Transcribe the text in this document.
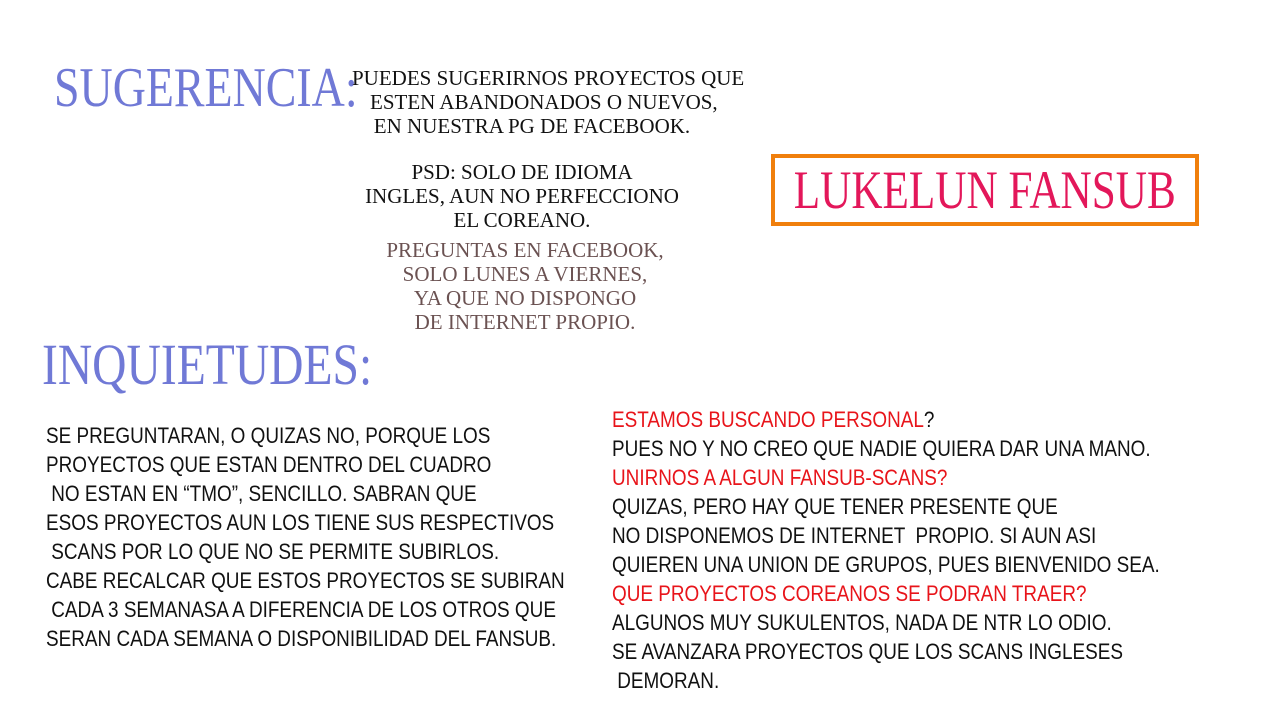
SUGERENCIA:
PUEDES SUGERIRNOS PROYECTOS QUE
ESTEN ABANDONADOS O NUEVOS,
EN NUESTRA PG DE FACEBOOK.
PSD: SOLO DE IDIOMA
INGLES, AUN NO PERFECCIONO
EL COREANO.
PREGUNTAS EN FACEBOOK,
SOLO LUNES A VIERNES,
YA QUE NO DISPONGO
DE INTERNET PROPIO.
LUKELUN FANSUB
INQUIETUDES:
SE PREGUNTARAN, O QUIZAS NO, PORQUE LOS
PROYECTOS QUE ESTAN DENTRO DEL CUADRO
NO ESTAN EN “TMO”, SENCILLO. SABRAN QUE
ESOS PROYECTOS AUN LOS TIENE SUS RESPECTIVOS
SCANS POR LO QUE NO SE PERMITE SUBIRLOS.
CABE RECALCAR QUE ESTOS PROYECTOS SE SUBIRAN
CADA 3 SEMANASA A DIFERENCIA DE LOS OTROS QUE
SERAN CADA SEMANA O DISPONIBILIDAD DEL FANSUB.
ESTAMOS BUSCANDO PERSONAL?
PUES NO Y NO CREO QUE NADIE QUIERA DAR UNA MANO.
UNIRNOS A ALGUN FANSUB-SCANS?
QUIZAS, PERO HAY QUE TENER PRESENTE QUE
NO DISPONEMOS DE INTERNET  PROPIO. SI AUN ASI
QUIEREN UNA UNION DE GRUPOS, PUES BIENVENIDO SEA.
QUE PROYECTOS COREANOS SE PODRAN TRAER?
ALGUNOS MUY SUKULENTOS, NADA DE NTR LO ODIO.
SE AVANZARA PROYECTOS QUE LOS SCANS INGLESES
DEMORAN.
